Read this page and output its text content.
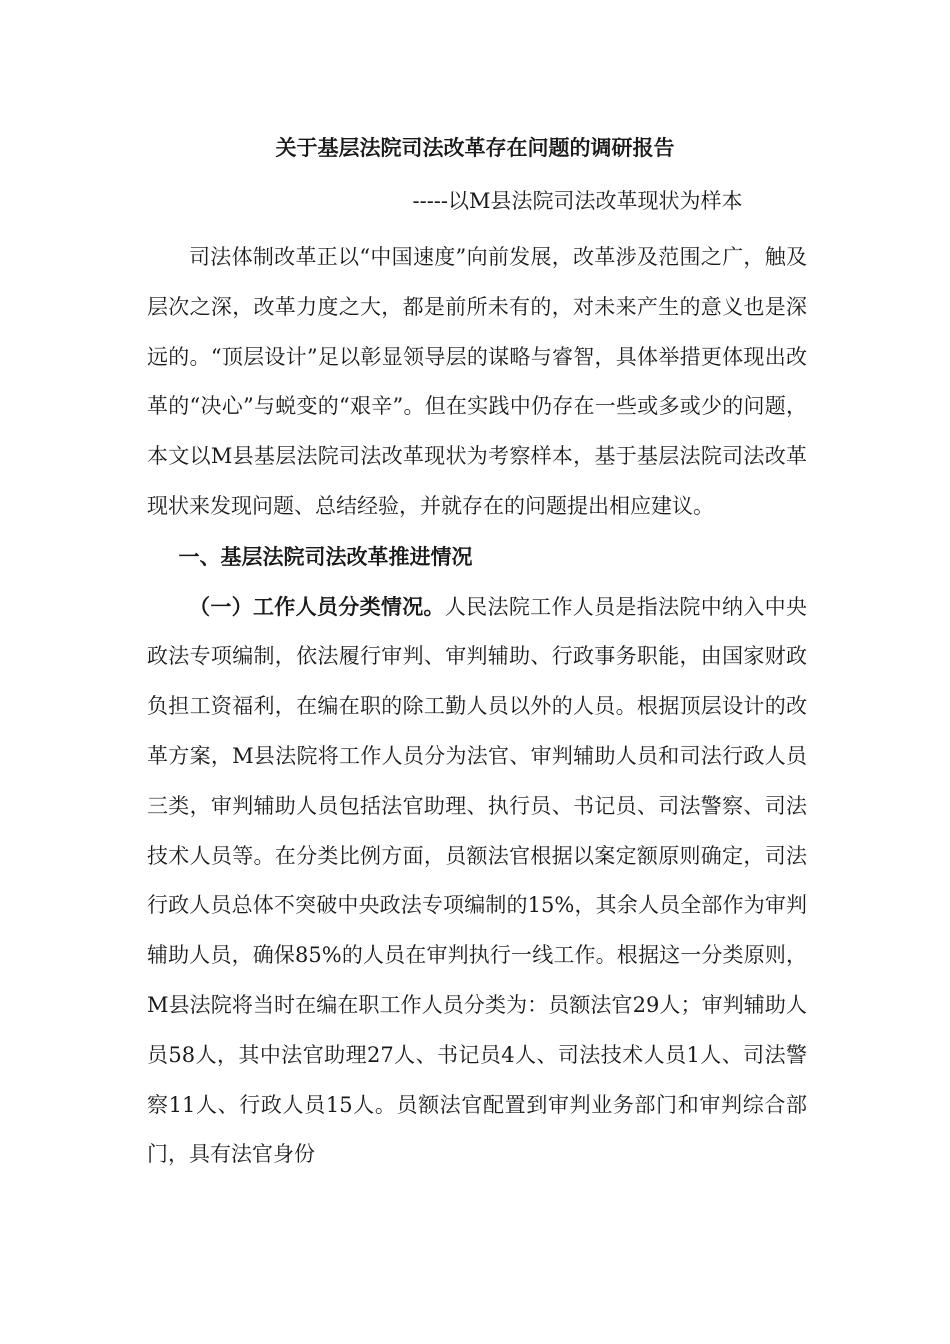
关于基层法院司法改革存在问题的调研报告

-----以M县法院司法改革现状为样本

司法体制改革正以“中国速度”向前发展，改革涉及范围之广，触及层次之深，改革力度之大，都是前所未有的，对未来产生的意义也是深远的。“顶层设计”足以彰显领导层的谋略与睿智，具体举措更体现出改革的“决心”与蜕变的“艰辛”。但在实践中仍存在一些或多或少的问题，本文以M县基层法院司法改革现状为考察样本，基于基层法院司法改革现状来发现问题、总结经验，并就存在的问题提出相应建议。

一、基层法院司法改革推进情况

（一）工作人员分类情况。人民法院工作人员是指法院中纳入中央政法专项编制，依法履行审判、审判辅助、行政事务职能，由国家财政负担工资福利，在编在职的除工勤人员以外的人员。根据顶层设计的改革方案，M县法院将工作人员分为法官、审判辅助人员和司法行政人员三类，审判辅助人员包括法官助理、执行员、书记员、司法警察、司法技术人员等。在分类比例方面，员额法官根据以案定额原则确定，司法行政人员总体不突破中央政法专项编制的15%，其余人员全部作为审判辅助人员，确保85%的人员在审判执行一线工作。根据这一分类原则，M县法院将当时在编在职工作人员分类为：员额法官29人；审判辅助人员58人，其中法官助理27人、书记员4人、司法技术人员1人、司法警察11人、行政人员15人。员额法官配置到审判业务部门和审判综合部门，具有法官身份
